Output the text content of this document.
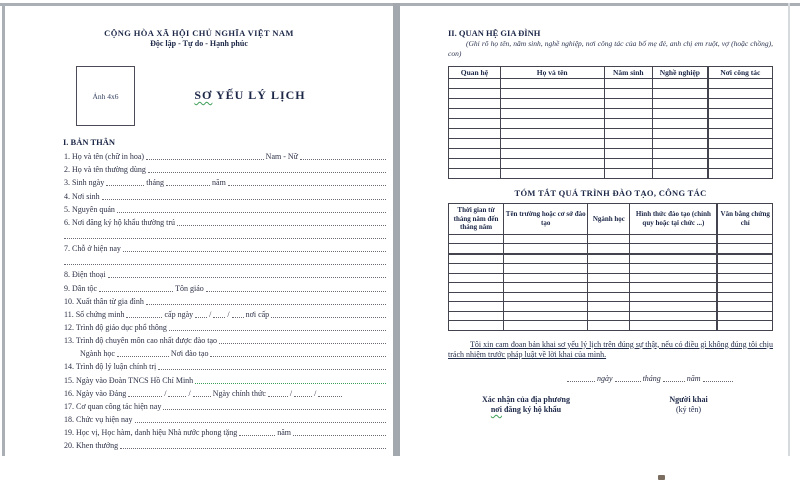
CỘNG HÒA XÃ HỘI CHỦ NGHĨA VIỆT NAM
Độc lập - Tự do - Hạnh phúc
Ảnh 4x6	SƠ YẾU LÝ LỊCH
I. BẢN THÂN
1. Họ và tên (chữ in hoa)	Nam - Nữ
2. Họ và tên thường dùng
3. Sinh ngày	tháng	năm
4. Nơi sinh
5. Nguyên quán
6. Nơi đăng ký hộ khẩu thường trú
7. Chỗ ở hiện nay
8. Điện thoại
9. Dân tộc	Tôn giáo
10. Xuất thân từ gia đình
11. Số chứng minh	cấp ngày / / nơi cấp
12. Trình độ giáo dục phổ thông
13. Trình độ chuyên môn cao nhất được đào tạo
Ngành học	Nơi đào tạo
14. Trình độ lý luận chính trị
15. Ngày vào Đoàn TNCS Hồ Chí Minh
16. Ngày vào Đảng	/	/	Ngày chính thức	/	/
17. Cơ quan công tác hiện nay
18. Chức vụ hiện nay
19. Học vị, Học hàm, danh hiệu Nhà nước phong tặng	năm
20. Khen thưởng
II. QUAN HỆ GIA ĐÌNH
(Ghi rõ họ tên, năm sinh, nghề nghiệp, nơi công tác của bố mẹ đẻ, anh chị em ruột, vợ (hoặc chồng), con)
Quan hệ	Họ và tên	Năm sinh	Nghề nghiệp	Nơi công tác

TÓM TẮT QUÁ TRÌNH ĐÀO TẠO, CÔNG TÁC
Thời gian từ tháng năm đến tháng năm	Tên trường hoặc cơ sở đào tạo	Ngành học	Hình thức đào tạo (chính quy hoặc tại chức ...)	Văn bằng chứng chỉ

Tôi xin cam đoan bản khai sơ yếu lý lịch trên đúng sự thật, nếu có điều gì không đúng tôi chịu trách nhiệm trước pháp luật về lời khai của mình.
ngày	tháng	năm
Xác nhận của địa phương
nơi đăng ký hộ khẩu
Người khai
(ký tên)
